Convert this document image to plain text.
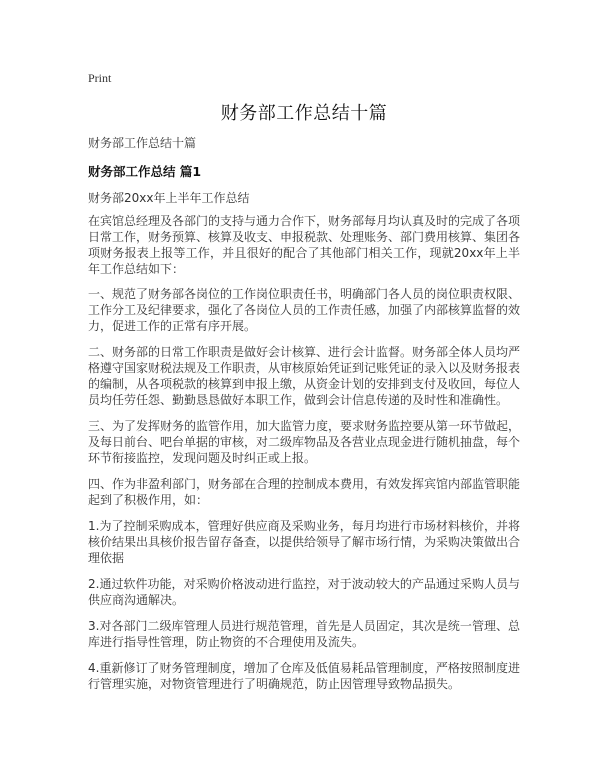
Print
财务部工作总结十篇
财务部工作总结十篇
财务部工作总结 篇1
财务部20xx年上半年工作总结
在宾馆总经理及各部门的支持与通力合作下，财务部每月均认真及时的完成了各项日常工作，财务预算、核算及收支、申报税款、处理账务、部门费用核算、集团各项财务报表上报等工作，并且很好的配合了其他部门相关工作，现就20xx年上半年工作总结如下：
一、规范了财务部各岗位的工作岗位职责任书，明确部门各人员的岗位职责权限、工作分工及纪律要求，强化了各岗位人员的工作责任感，加强了内部核算监督的效力，促进工作的正常有序开展。
二、财务部的日常工作职责是做好会计核算、进行会计监督。财务部全体人员均严格遵守国家财税法规及工作职责，从审核原始凭证到记账凭证的录入以及财务报表的编制，从各项税款的核算到申报上缴，从资金计划的安排到支付及收回，每位人员均任劳任怨、勤勤恳恳做好本职工作，做到会计信息传递的及时性和准确性。
三、为了发挥财务的监管作用，加大监管力度，要求财务监控要从第一环节做起，及每日前台、吧台单据的审核，对二级库物品及各营业点现金进行随机抽盘，每个环节衔接监控，发现问题及时纠正或上报。
四、作为非盈利部门，财务部在合理的控制成本费用，有效发挥宾馆内部监管职能起到了积极作用，如：
1.为了控制采购成本，管理好供应商及采购业务，每月均进行市场材料核价，并将核价结果出具核价报告留存备查，以提供给领导了解市场行情，为采购决策做出合理依据
2.通过软件功能，对采购价格波动进行监控，对于波动较大的产品通过采购人员与供应商沟通解决。
3.对各部门二级库管理人员进行规范管理，首先是人员固定，其次是统一管理、总库进行指导性管理，防止物资的不合理使用及流失。
4.重新修订了财务管理制度，增加了仓库及低值易耗品管理制度，严格按照制度进行管理实施，对物资管理进行了明确规范，防止因管理导致物品损失。
